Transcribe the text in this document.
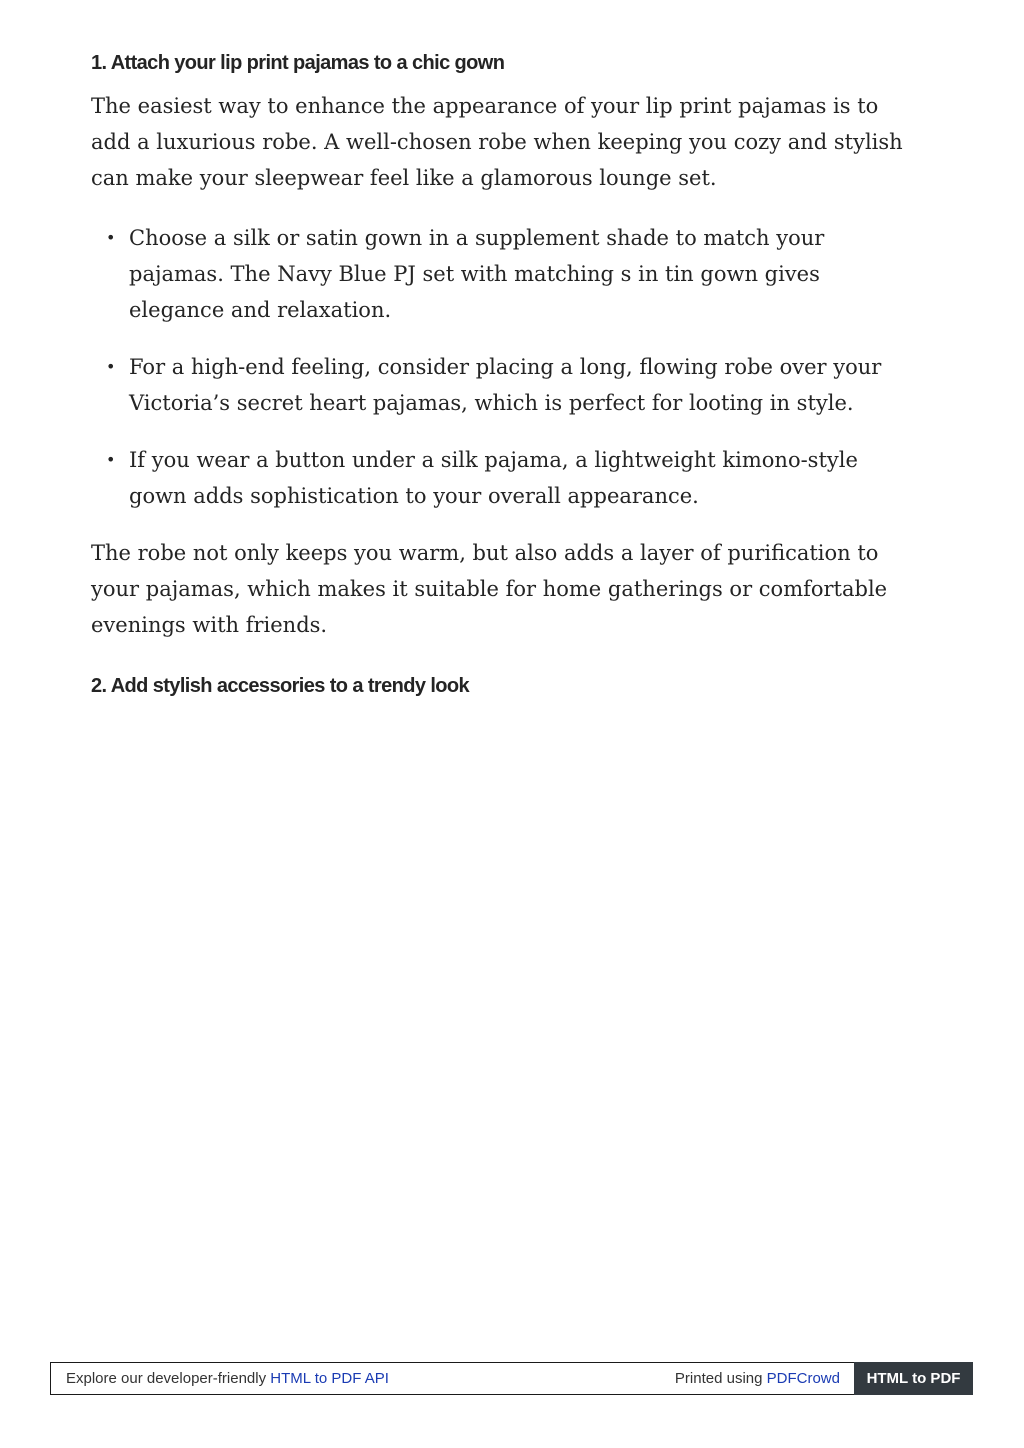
1. Attach your lip print pajamas to a chic gown

The easiest way to enhance the appearance of your lip print pajamas is to add a luxurious robe. A well-chosen robe when keeping you cozy and stylish can make your sleepwear feel like a glamorous lounge set.

• Choose a silk or satin gown in a supplement shade to match your pajamas. The Navy Blue PJ set with matching s in tin gown gives elegance and relaxation.
• For a high-end feeling, consider placing a long, flowing robe over your Victoria’s secret heart pajamas, which is perfect for looting in style.
• If you wear a button under a silk pajama, a lightweight kimono-style gown adds sophistication to your overall appearance.

The robe not only keeps you warm, but also adds a layer of purification to your pajamas, which makes it suitable for home gatherings or comfortable evenings with friends.

2. Add stylish accessories to a trendy look
Explore our developer-friendly HTML to PDF API	Printed using PDFCrowd	HTML to PDF
